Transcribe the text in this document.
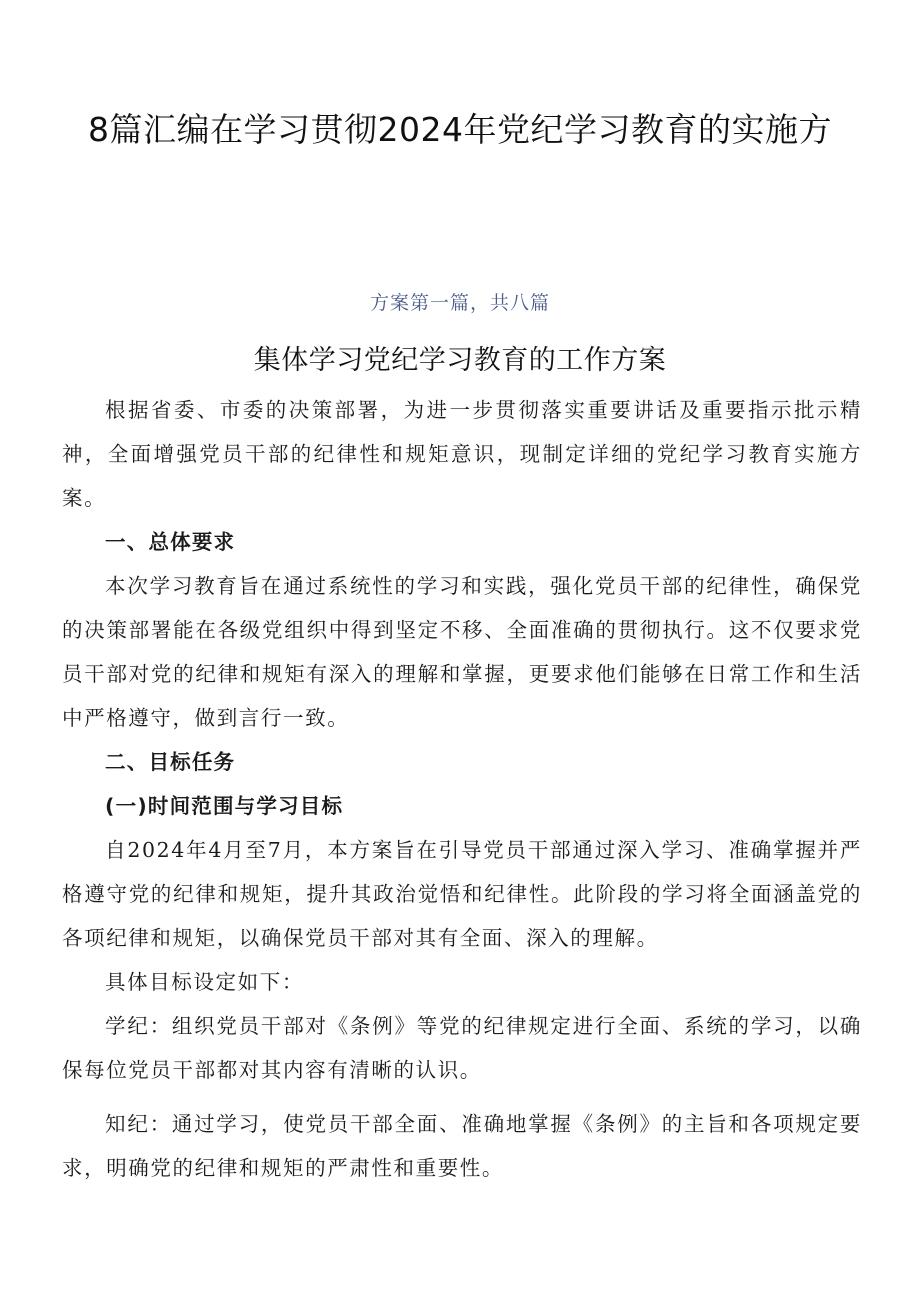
8篇汇编在学习贯彻2024年党纪学习教育的实施方
方案第一篇，共八篇
集体学习党纪学习教育的工作方案

根据省委、市委的决策部署，为进一步贯彻落实重要讲话及重要指示批示精神，全面增强党员干部的纪律性和规矩意识，现制定详细的党纪学习教育实施方案。

一、总体要求

本次学习教育旨在通过系统性的学习和实践，强化党员干部的纪律性，确保党的决策部署能在各级党组织中得到坚定不移、全面准确的贯彻执行。这不仅要求党员干部对党的纪律和规矩有深入的理解和掌握，更要求他们能够在日常工作和生活中严格遵守，做到言行一致。

二、目标任务

(一)时间范围与学习目标

自2024年4月至7月，本方案旨在引导党员干部通过深入学习、准确掌握并严格遵守党的纪律和规矩，提升其政治觉悟和纪律性。此阶段的学习将全面涵盖党的各项纪律和规矩，以确保党员干部对其有全面、深入的理解。

具体目标设定如下：

学纪：组织党员干部对《条例》等党的纪律规定进行全面、系统的学习，以确保每位党员干部都对其内容有清晰的认识。

知纪：通过学习，使党员干部全面、准确地掌握《条例》的主旨和各项规定要求，明确党的纪律和规矩的严肃性和重要性。
